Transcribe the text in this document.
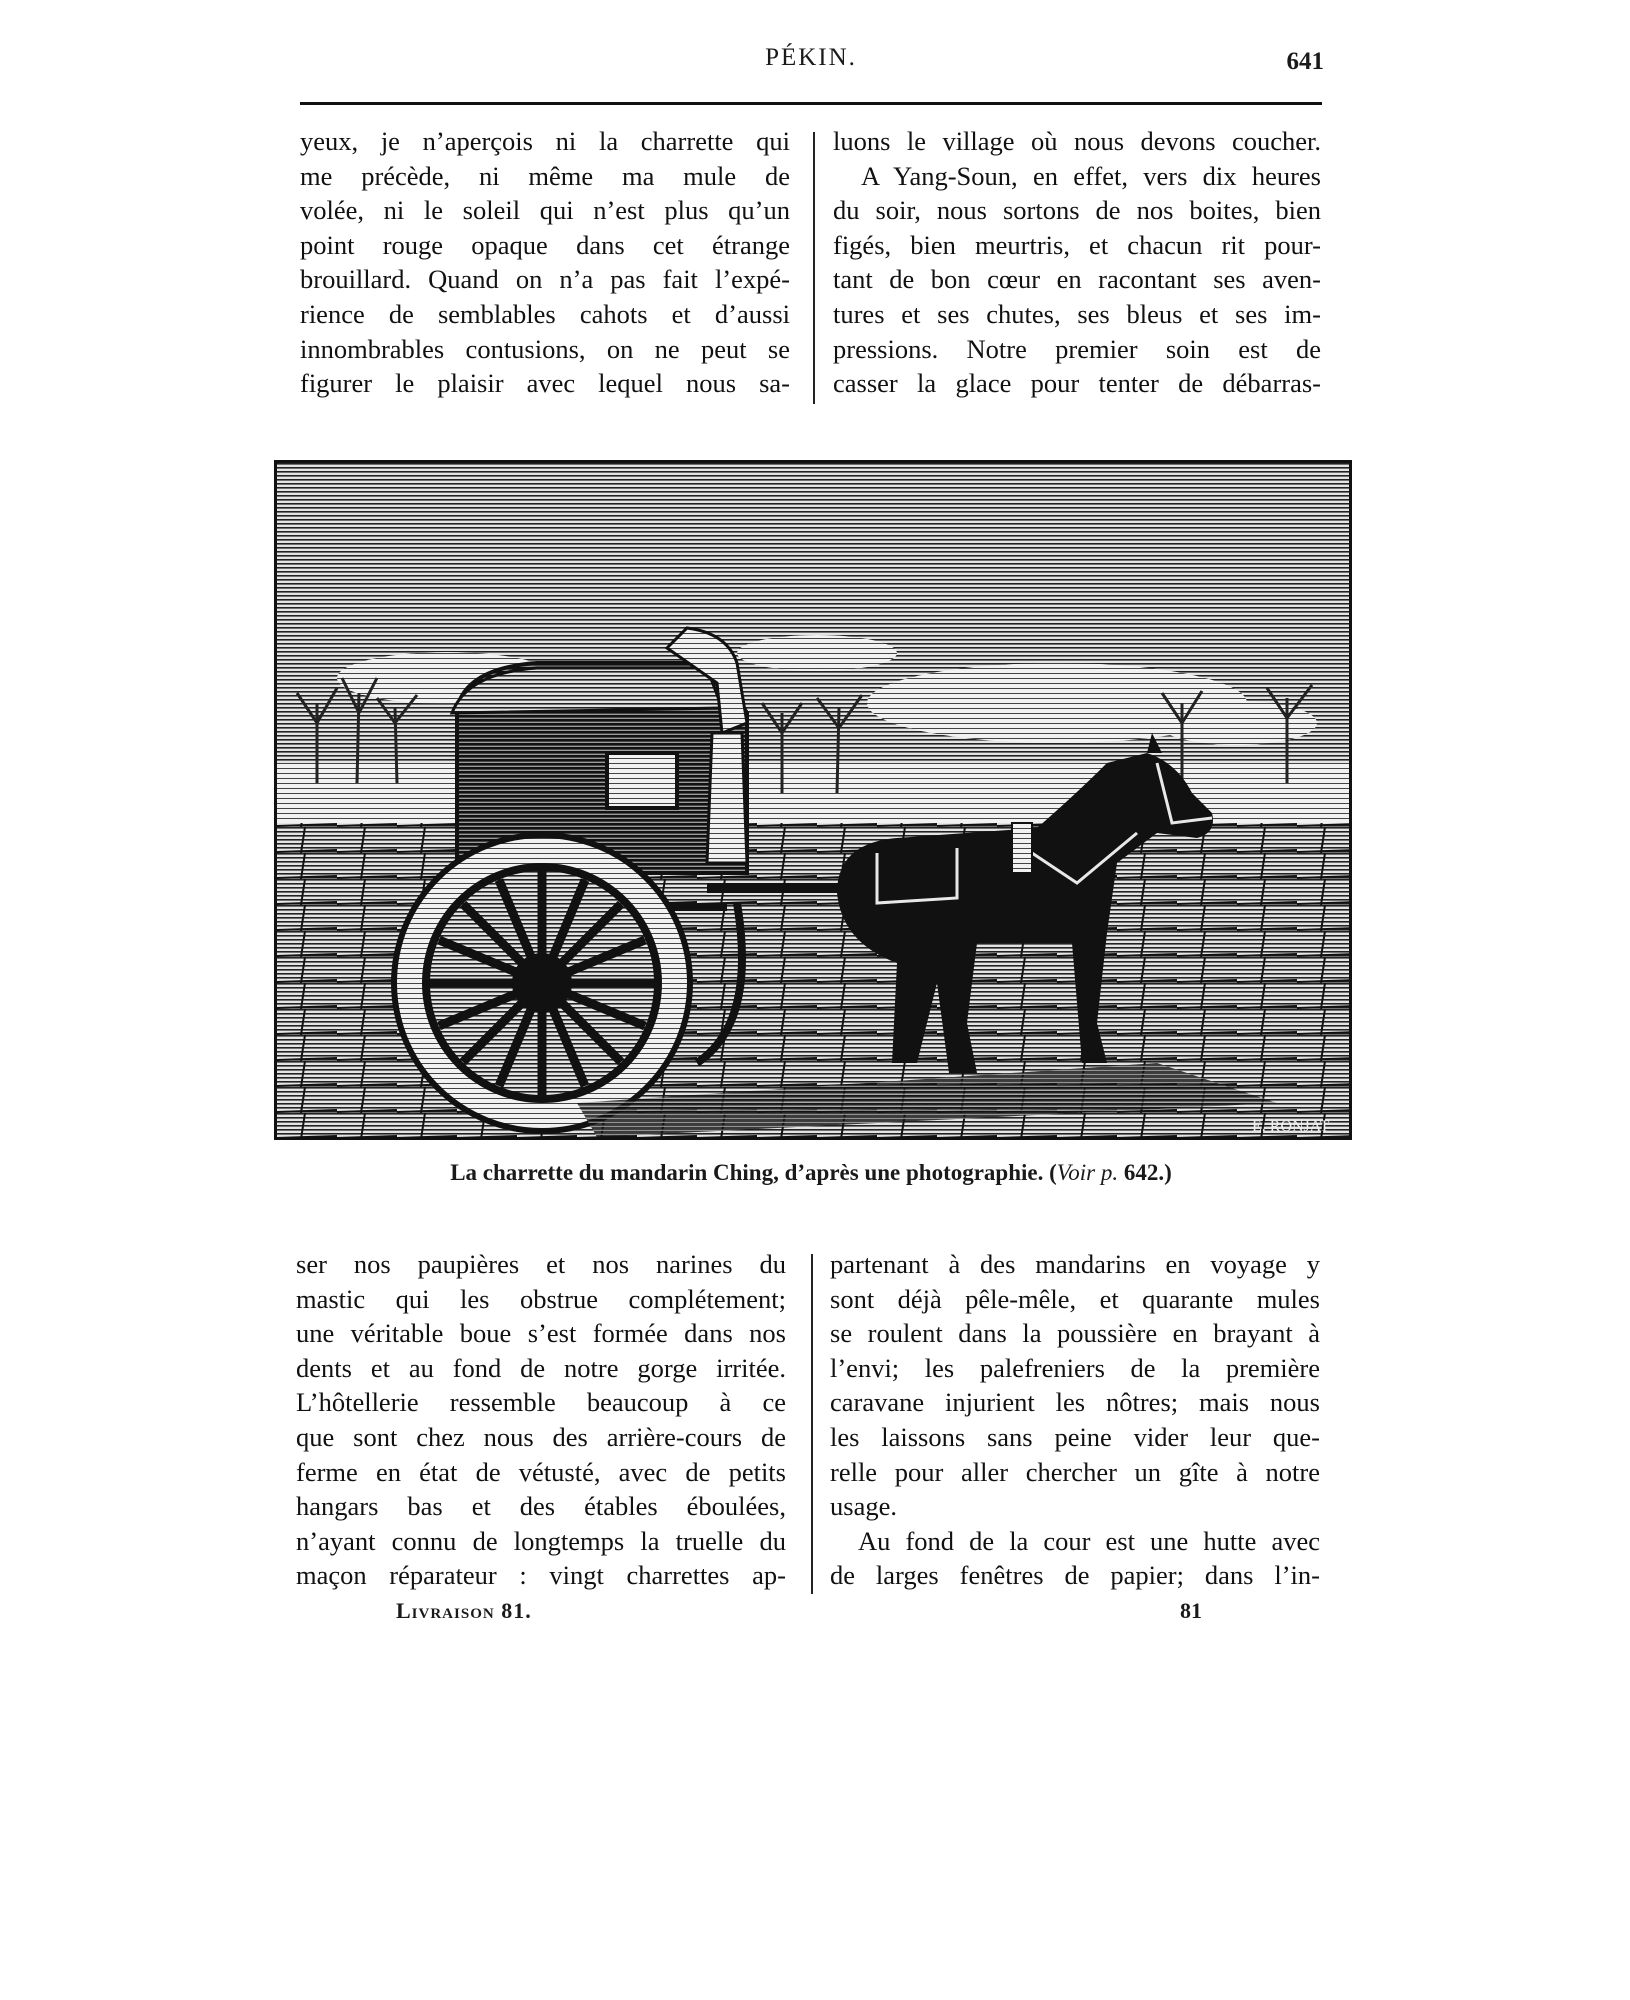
PÉKIN.	641
yeux, je n’aperçois ni la charrette qui
me précède, ni même ma mule de
volée, ni le soleil qui n’est plus qu’un
point rouge opaque dans cet étrange
brouillard. Quand on n’a pas fait l’expé-
rience de semblables cahots et d’aussi
innombrables contusions, on ne peut se
figurer le plaisir avec lequel nous sa-
luons le village où nous devons coucher.
A Yang-Soun, en effet, vers dix heures
du soir, nous sortons de nos boites, bien
figés, bien meurtris, et chacun rit pour-
tant de bon cœur en racontant ses aven-
tures et ses chutes, ses bleus et ses im-
pressions. Notre premier soin est de
casser la glace pour tenter de débarras-
E. RONJAT
La charrette du mandarin Ching, d’après une photographie. (Voir p. 642.)
ser nos paupières et nos narines du
mastic qui les obstrue complétement;
une véritable boue s’est formée dans nos
dents et au fond de notre gorge irritée.
L’hôtellerie ressemble beaucoup à ce
que sont chez nous des arrière-cours de
ferme en état de vétusté, avec de petits
hangars bas et des étables éboulées,
n’ayant connu de longtemps la truelle du
maçon réparateur : vingt charrettes ap-
partenant à des mandarins en voyage y
sont déjà pêle-mêle, et quarante mules
se roulent dans la poussière en brayant à
l’envi; les palefreniers de la première
caravane injurient les nôtres; mais nous
les laissons sans peine vider leur que-
relle pour aller chercher un gîte à notre
usage.
Au fond de la cour est une hutte avec
de larges fenêtres de papier; dans l’in-
Livraison 81.	81
